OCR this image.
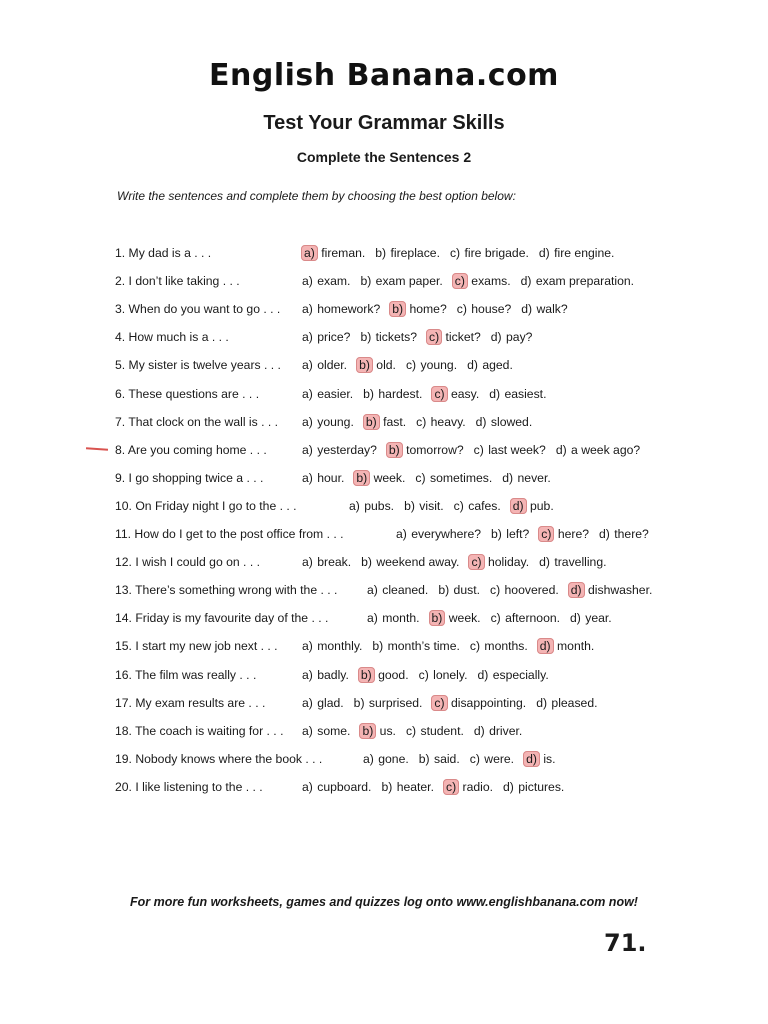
English Banana.com
Test Your Grammar Skills
Complete the Sentences 2
Write the sentences and complete them by choosing the best option below:
1. My dad is a . . .	a) fireman. b) fireplace. c) fire brigade. d) fire engine.
2. I don’t like taking . . .	a) exam. b) exam paper. c) exams. d) exam preparation.
3. When do you want to go . . . a) homework? b) home? c) house? d) walk?
4. How much is a . . .	a) price? b) tickets? c) ticket? d) pay?
5. My sister is twelve years . . . a) older. b) old. c) young. d) aged.
6. These questions are . . .	a) easier. b) hardest. c) easy. d) easiest.
7. That clock on the wall is . . . a) young. b) fast. c) heavy. d) slowed.
8. Are you coming home . . .	a) yesterday? b) tomorrow? c) last week? d) a week ago?
9. I go shopping twice a . . .	a) hour. b) week. c) sometimes. d) never.
10. On Friday night I go to the . . .	a) pubs. b) visit. c) cafes. d) pub.
11. How do I get to the post office from . . .	a) everywhere? b) left? c) here? d) there?
12. I wish I could go on . . .	a) break. b) weekend away. c) holiday. d) travelling.
13. There’s something wrong with the . . . a) cleaned. b) dust. c) hoovered. d) dishwasher.
14. Friday is my favourite day of the . . .	a) month. b) week. c) afternoon. d) year.
15. I start my new job next . . . a) monthly. b) month’s time. c) months. d) month.
16. The film was really . . .	a) badly. b) good. c) lonely. d) especially.
17. My exam results are . . .	a) glad. b) surprised. c) disappointing. d) pleased.
18. The coach is waiting for . . . a) some. b) us. c) student. d) driver.
19. Nobody knows where the book . . .	a) gone. b) said. c) were. d) is.
20. I like listening to the . . .	a) cupboard. b) heater. c) radio. d) pictures.
For more fun worksheets, games and quizzes log onto www.englishbanana.com now!
71.
